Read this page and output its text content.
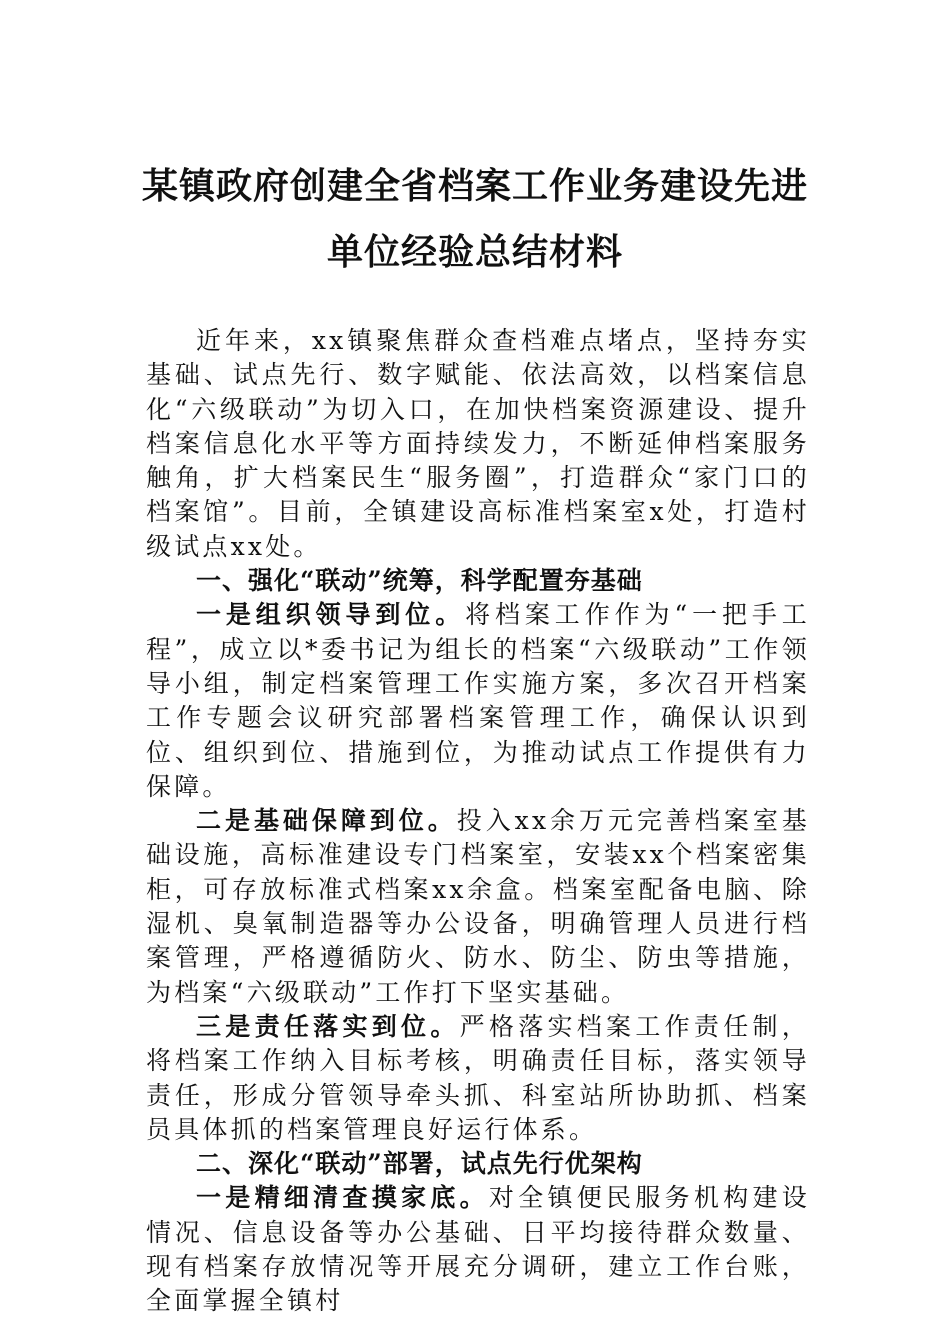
某镇政府创建全省档案工作业务建设先进
单位经验总结材料

近年来，xx镇聚焦群众查档难点堵点，坚持夯实基础、试点先行、数字赋能、依法高效，以档案信息化“六级联动”为切入口，在加快档案资源建设、提升档案信息化水平等方面持续发力，不断延伸档案服务触角，扩大档案民生“服务圈”，打造群众“家门口的档案馆”。目前，全镇建设高标准档案室x处，打造村级试点xx处。

一、强化“联动”统筹，科学配置夯基础

一是组织领导到位。将档案工作作为“一把手工程”，成立以*委书记为组长的档案“六级联动”工作领导小组，制定档案管理工作实施方案，多次召开档案工作专题会议研究部署档案管理工作，确保认识到位、组织到位、措施到位，为推动试点工作提供有力保障。

二是基础保障到位。投入xx余万元完善档案室基础设施，高标准建设专门档案室，安装xx个档案密集柜，可存放标准式档案xx余盒。档案室配备电脑、除湿机、臭氧制造器等办公设备，明确管理人员进行档案管理，严格遵循防火、防水、防尘、防虫等措施，为档案“六级联动”工作打下坚实基础。

三是责任落实到位。严格落实档案工作责任制，将档案工作纳入目标考核，明确责任目标，落实领导责任，形成分管领导牵头抓、科室站所协助抓、档案员具体抓的档案管理良好运行体系。

二、深化“联动”部署，试点先行优架构

一是精细清查摸家底。对全镇便民服务机构建设情况、信息设备等办公基础、日平均接待群众数量、现有档案存放情况等开展充分调研，建立工作台账，全面掌握全镇村
